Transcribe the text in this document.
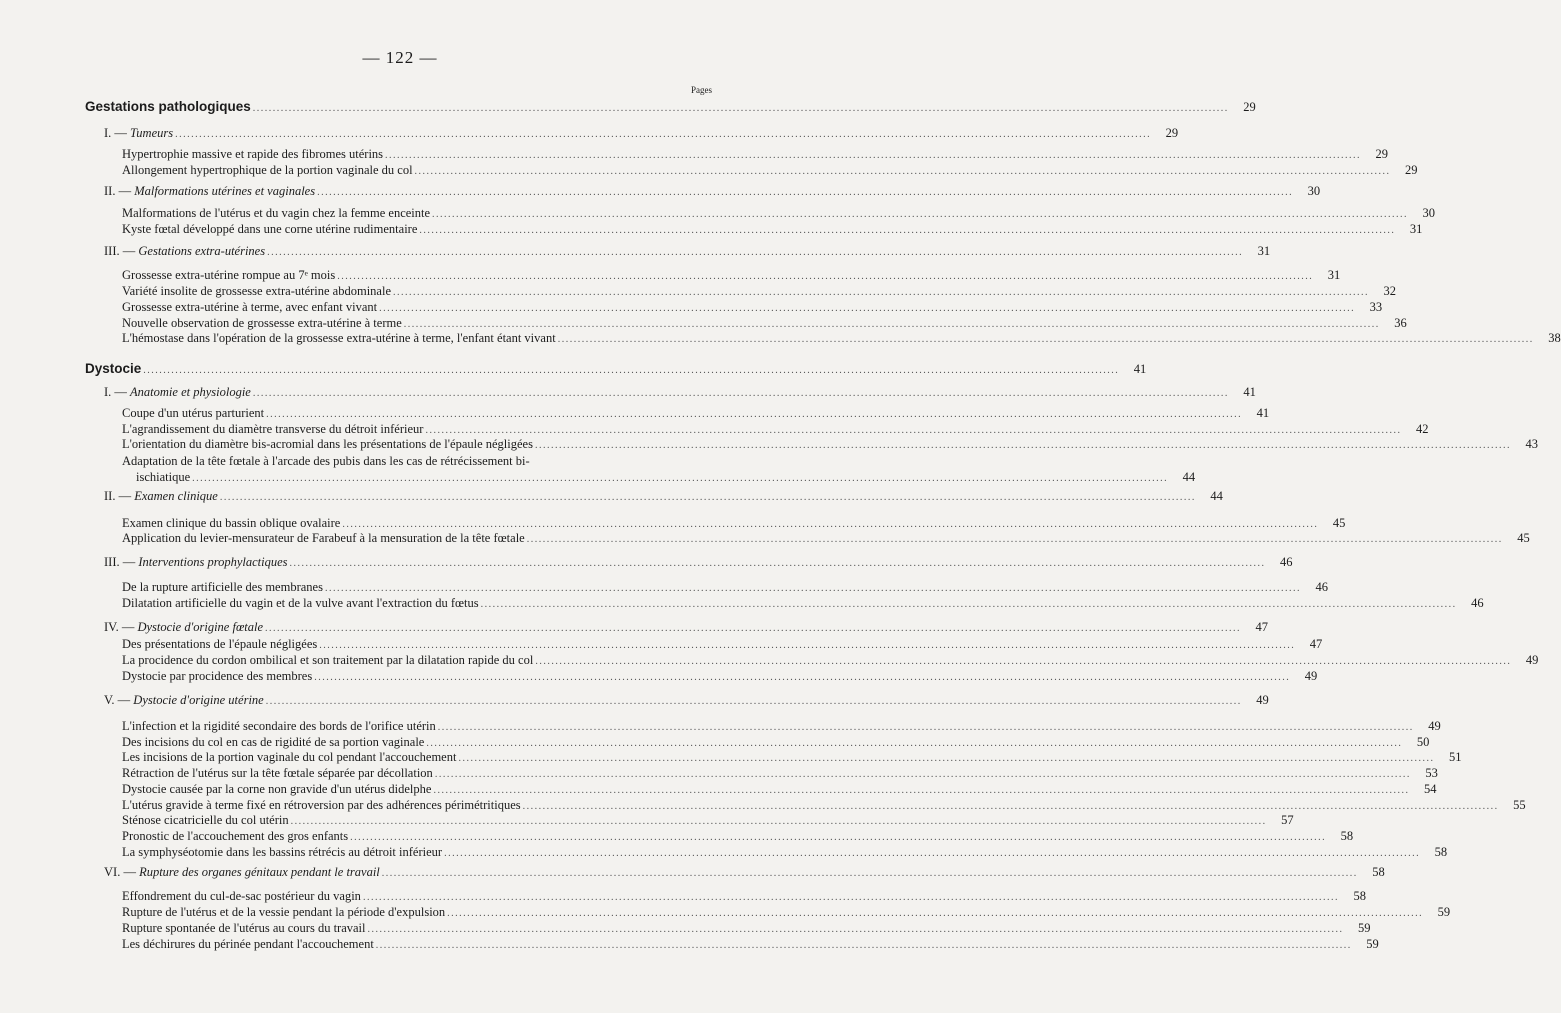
— 122 —
Pages
Gestations pathologiques .....	29
I. — Tumeurs .....	29
Hypertrophie massive et rapide des fibromes utérins .....	29
Allongement hypertrophique de la portion vaginale du col .....	29
II. — Malformations utérines et vaginales .....	30
Malformations de l'utérus et du vagin chez la femme enceinte .....	30
Kyste fœtal développé dans une corne utérine rudimentaire .....	31
III. — Gestations extra-utérines .....	31
Grossesse extra-utérine rompue au 7ᵉ mois .....	31
Variété insolite de grossesse extra-utérine abdominale .....	32
Grossesse extra-utérine à terme, avec enfant vivant .....	33
Nouvelle observation de grossesse extra-utérine à terme .....	36
L'hémostase dans l'opération de la grossesse extra-utérine à terme, l'enfant étant vivant .....	38
Dystocie .....	41
I. — Anatomie et physiologie .....	41
Coupe d'un utérus parturient .....	41
L'agrandissement du diamètre transverse du détroit inférieur .....	42
L'orientation du diamètre bis-acromial dans les présentations de l'épaule négligées .....	43
Adaptation de la tête fœtale à l'arcade des pubis dans les cas de rétrécissement bi-
ischiatique .....	44
II. — Examen clinique .....	44
Examen clinique du bassin oblique ovalaire .....	45
Application du levier-mensurateur de Farabeuf à la mensuration de la tête fœtale .....	45
III. — Interventions prophylactiques .....	46
De la rupture artificielle des membranes .....	46
Dilatation artificielle du vagin et de la vulve avant l'extraction du fœtus .....	46
IV. — Dystocie d'origine fœtale .....	47
Des présentations de l'épaule négligées .....	47
La procidence du cordon ombilical et son traitement par la dilatation rapide du col .....	49
Dystocie par procidence des membres .....	49
V. — Dystocie d'origine utérine .....	49
L'infection et la rigidité secondaire des bords de l'orifice utérin .....	49
Des incisions du col en cas de rigidité de sa portion vaginale .....	50
Les incisions de la portion vaginale du col pendant l'accouchement .....	51
Rétraction de l'utérus sur la tête fœtale séparée par décollation .....	53
Dystocie causée par la corne non gravide d'un utérus didelphe .....	54
L'utérus gravide à terme fixé en rétroversion par des adhérences périmétritiques .....	55
Sténose cicatricielle du col utérin .....	57
Pronostic de l'accouchement des gros enfants .....	58
La symphyséotomie dans les bassins rétrécis au détroit inférieur .....	58
VI. — Rupture des organes génitaux pendant le travail .....	58
Effondrement du cul-de-sac postérieur du vagin .....	58
Rupture de l'utérus et de la vessie pendant la période d'expulsion .....	59
Rupture spontanée de l'utérus au cours du travail .....	59
Les déchirures du périnée pendant l'accouchement .....	59
